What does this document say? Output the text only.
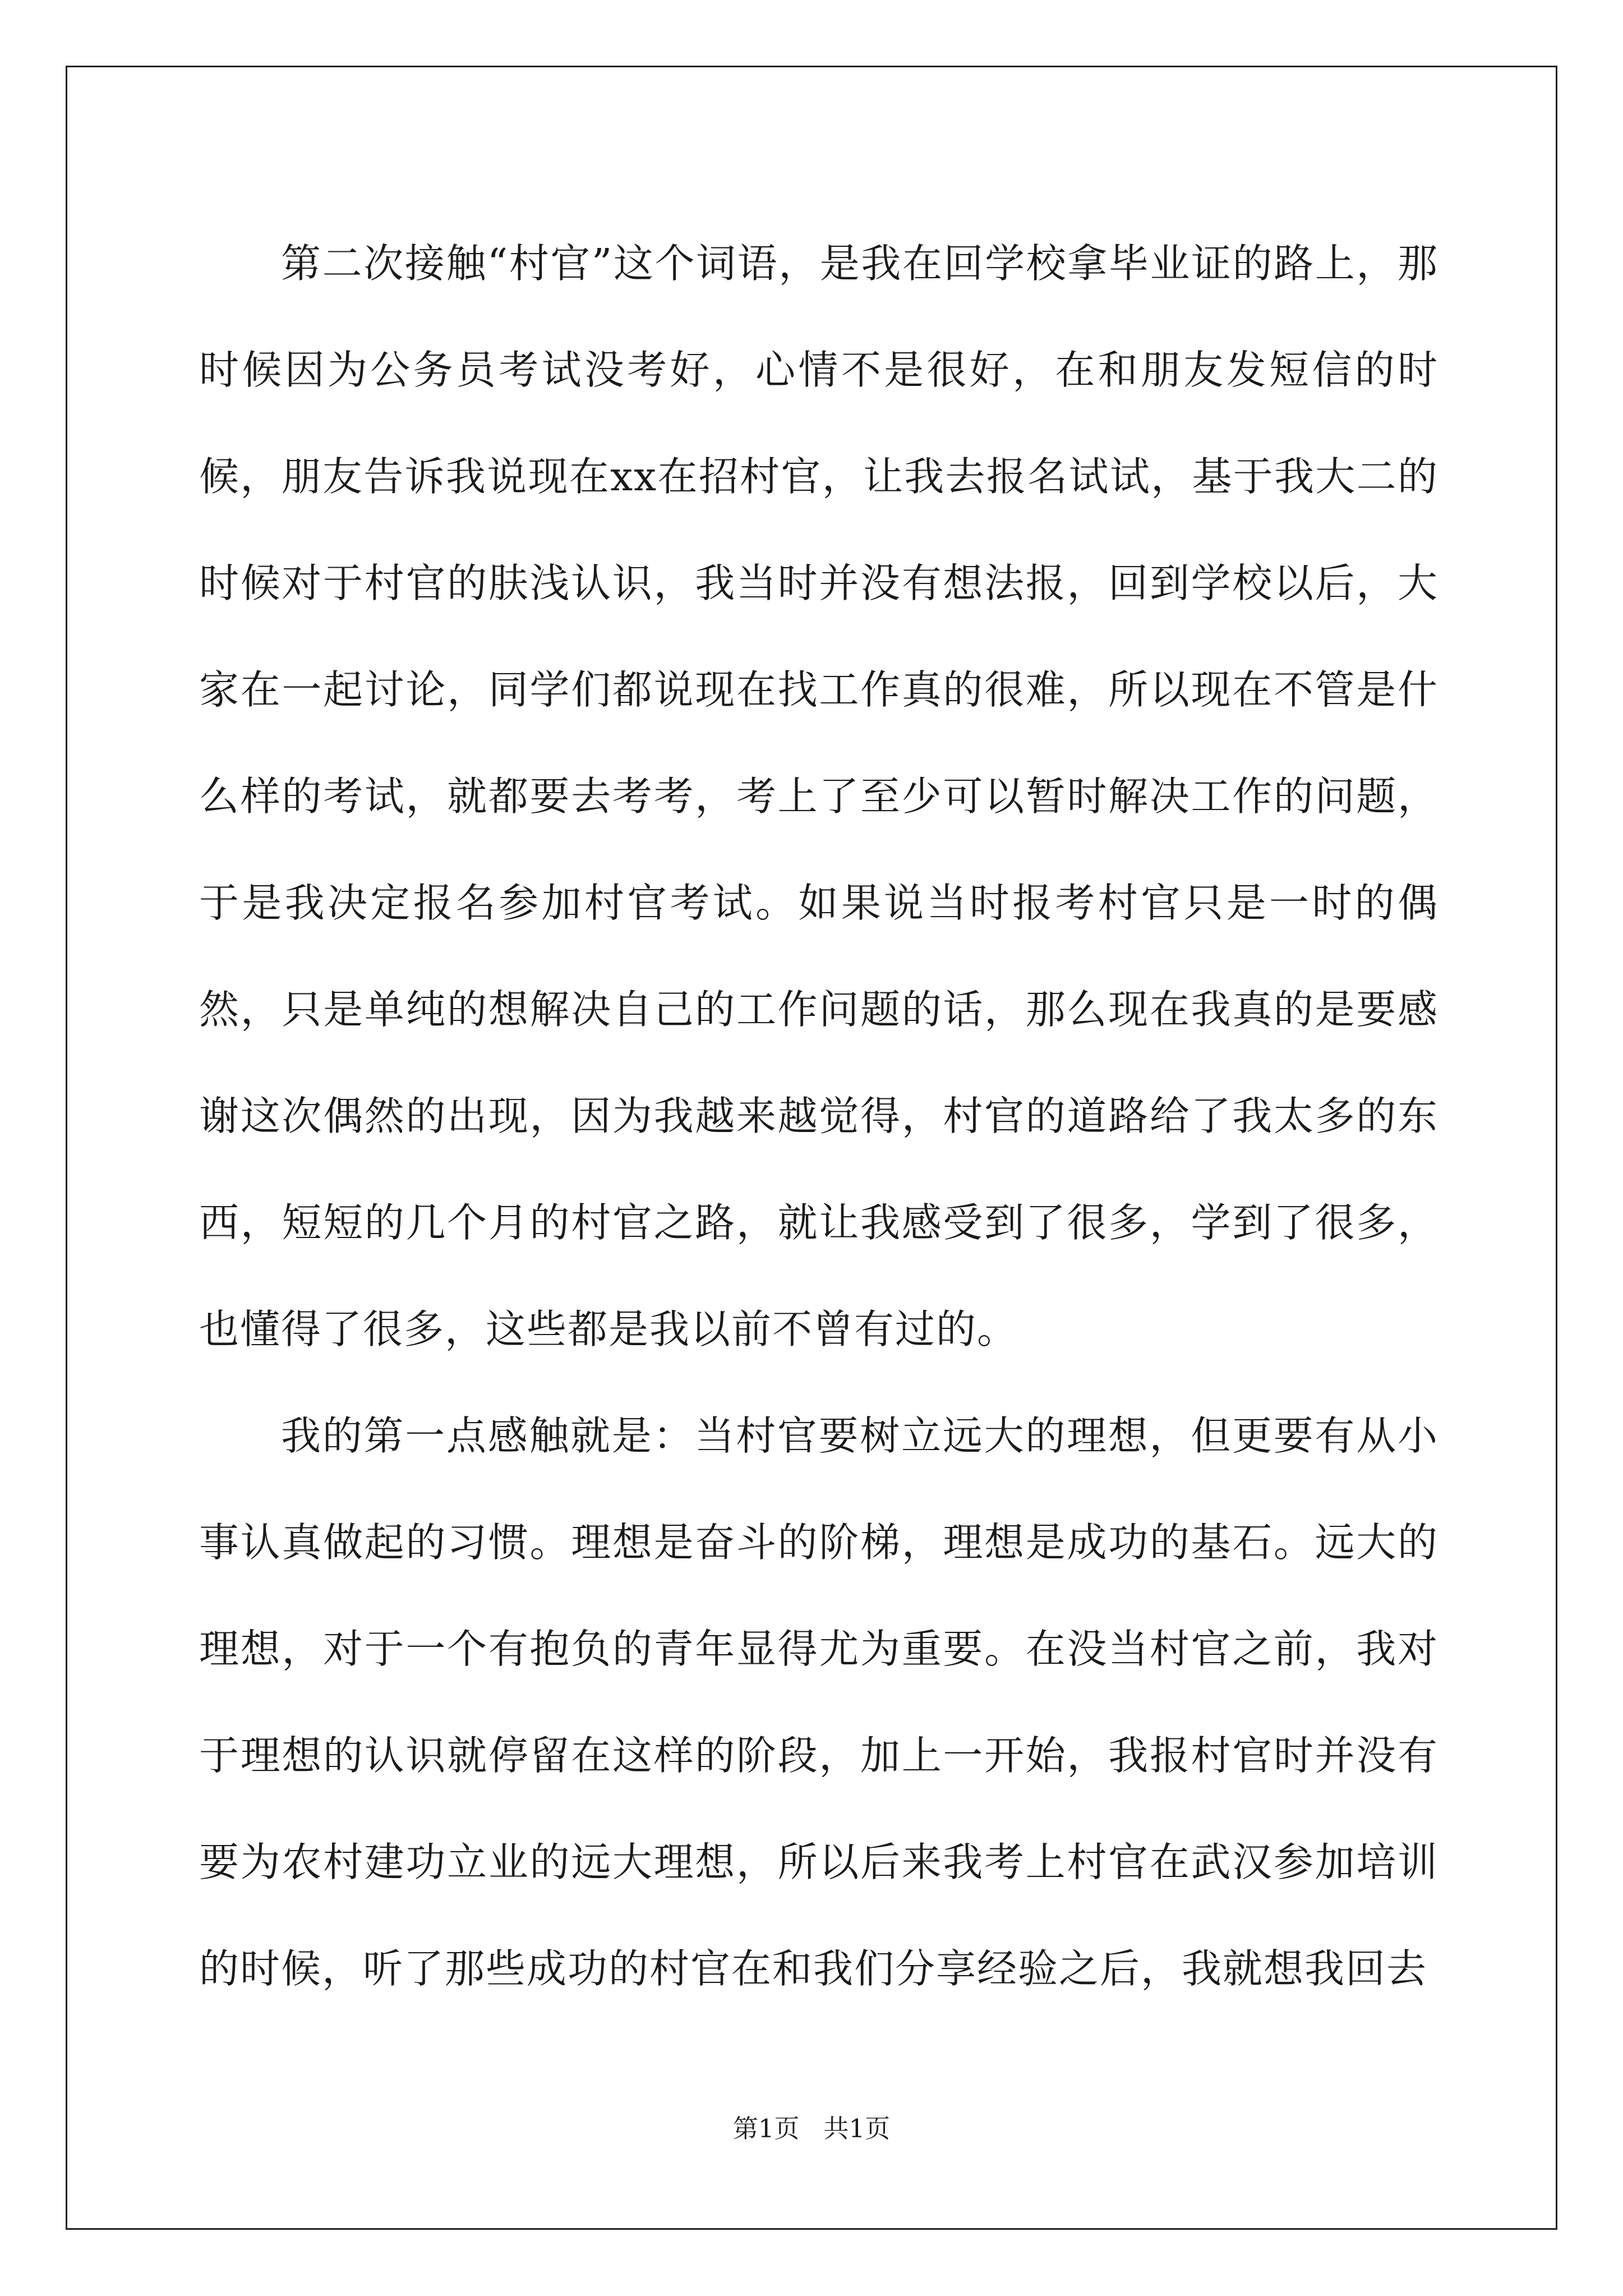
第二次接触“村官”这个词语，是我在回学校拿毕业证的路上，那时候因为公务员考试没考好，心情不是很好，在和朋友发短信的时候，朋友告诉我说现在xx在招村官，让我去报名试试，基于我大二的时候对于村官的肤浅认识，我当时并没有想法报，回到学校以后，大家在一起讨论，同学们都说现在找工作真的很难，所以现在不管是什么样的考试，就都要去考考，考上了至少可以暂时解决工作的问题，于是我决定报名参加村官考试。如果说当时报考村官只是一时的偶然，只是单纯的想解决自己的工作问题的话，那么现在我真的是要感谢这次偶然的出现，因为我越来越觉得，村官的道路给了我太多的东西，短短的几个月的村官之路，就让我感受到了很多，学到了很多，也懂得了很多，这些都是我以前不曾有过的。

我的第一点感触就是：当村官要树立远大的理想，但更要有从小事认真做起的习惯。理想是奋斗的阶梯，理想是成功的基石。远大的理想，对于一个有抱负的青年显得尤为重要。在没当村官之前，我对于理想的认识就停留在这样的阶段，加上一开始，我报村官时并没有要为农村建功立业的远大理想，所以后来我考上村官在武汉参加培训的时候，听了那些成功的村官在和我们分享经验之后，我就想我回去

第1页   共1页
